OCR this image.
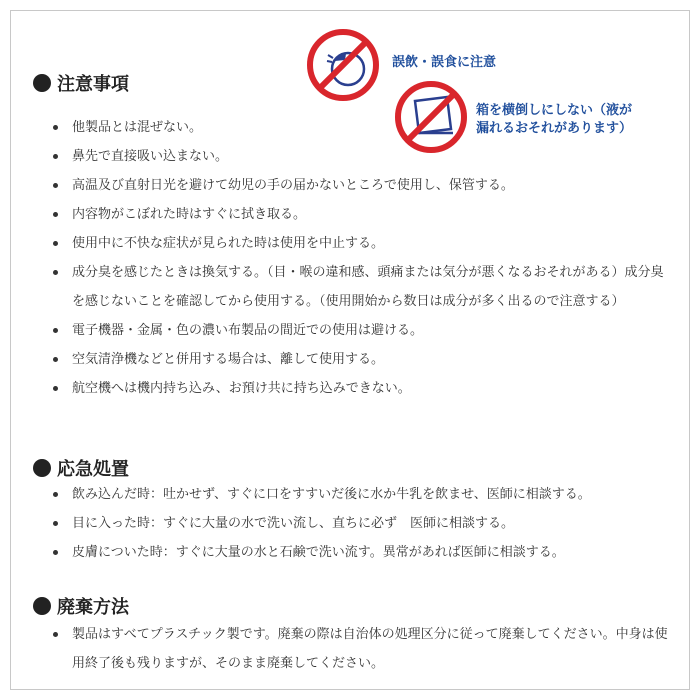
誤飲・誤食に注意
箱を横倒しにしない（液が
漏れるおそれがあります）
注意事項
他製品とは混ぜない。
鼻先で直接吸い込まない。
高温及び直射日光を避けて幼児の手の届かないところで使用し、保管する。
内容物がこぼれた時はすぐに拭き取る。
使用中に不快な症状が見られた時は使用を中止する。
成分臭を感じたときは換気する。（目・喉の違和感、頭痛または気分が悪くなるおそれがある）成分臭を感じないことを確認してから使用する。（使用開始から数日は成分が多く出るので注意する）
電子機器・金属・色の濃い布製品の間近での使用は避ける。
空気清浄機などと併用する場合は、離して使用する。
航空機へは機内持ち込み、お預け共に持ち込みできない。
応急処置
飲み込んだ時：吐かせず、すぐに口をすすいだ後に水か牛乳を飲ませ、医師に相談する。
目に入った時：すぐに大量の水で洗い流し、直ちに必ず　医師に相談する。
皮膚についた時：すぐに大量の水と石鹸で洗い流す。異常があれば医師に相談する。
廃棄方法
製品はすべてプラスチック製です。廃棄の際は自治体の処理区分に従って廃棄してください。中身は使用終了後も残りますが、そのまま廃棄してください。
